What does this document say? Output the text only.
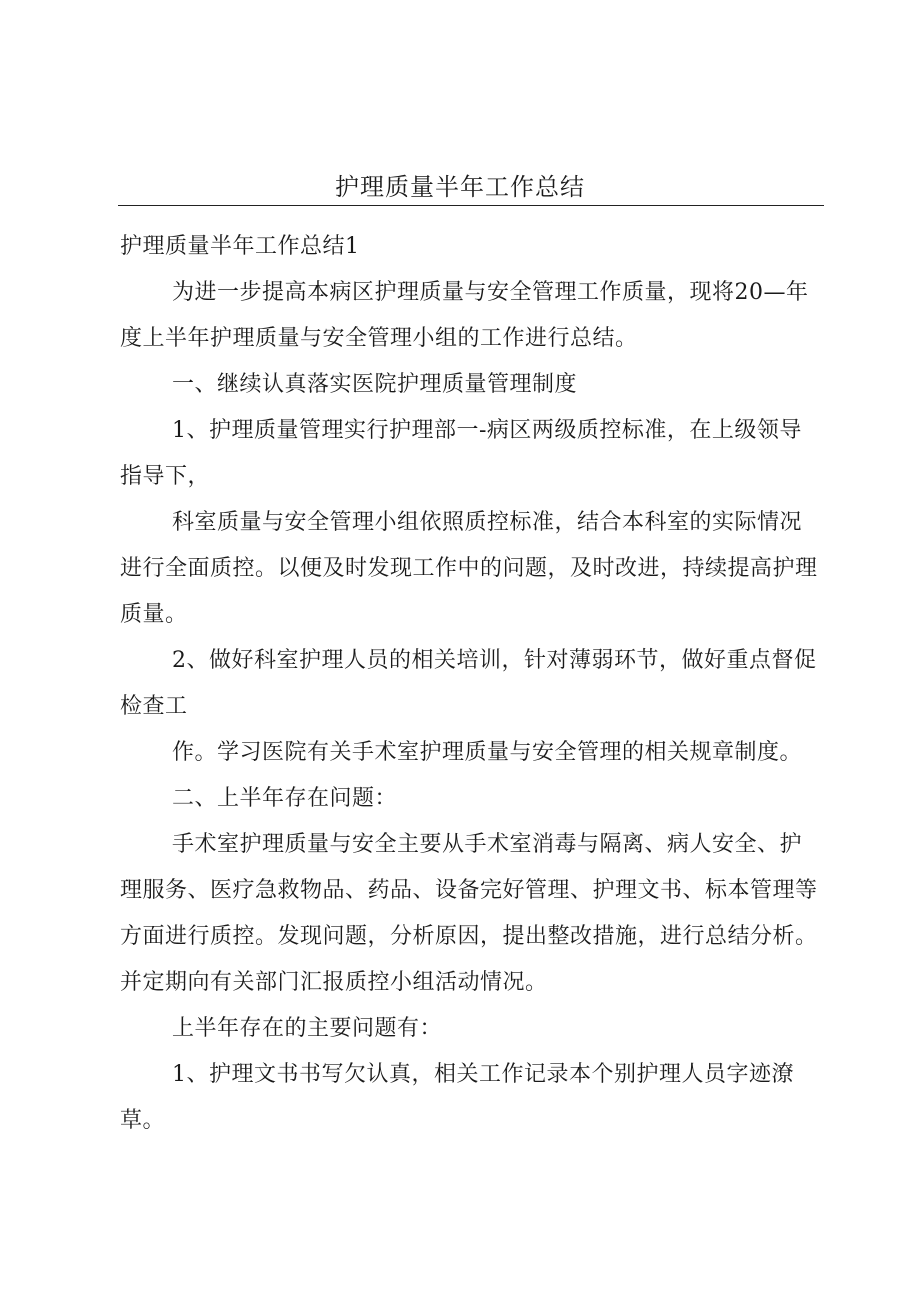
护理质量半年工作总结

护理质量半年工作总结1

为进一步提高本病区护理质量与安全管理工作质量，现将20—年度上半年护理质量与安全管理小组的工作进行总结。

一、继续认真落实医院护理质量管理制度

1、护理质量管理实行护理部一-病区两级质控标准，在上级领导指导下，

科室质量与安全管理小组依照质控标准，结合本科室的实际情况进行全面质控。以便及时发现工作中的问题，及时改进，持续提高护理质量。

2、做好科室护理人员的相关培训，针对薄弱环节，做好重点督促检查工

作。学习医院有关手术室护理质量与安全管理的相关规章制度。

二、上半年存在问题：

手术室护理质量与安全主要从手术室消毒与隔离、病人安全、护理服务、医疗急救物品、药品、设备完好管理、护理文书、标本管理等方面进行质控。发现问题，分析原因，提出整改措施，进行总结分析。并定期向有关部门汇报质控小组活动情况。

上半年存在的主要问题有：

1、护理文书书写欠认真，相关工作记录本个别护理人员字迹潦草。
